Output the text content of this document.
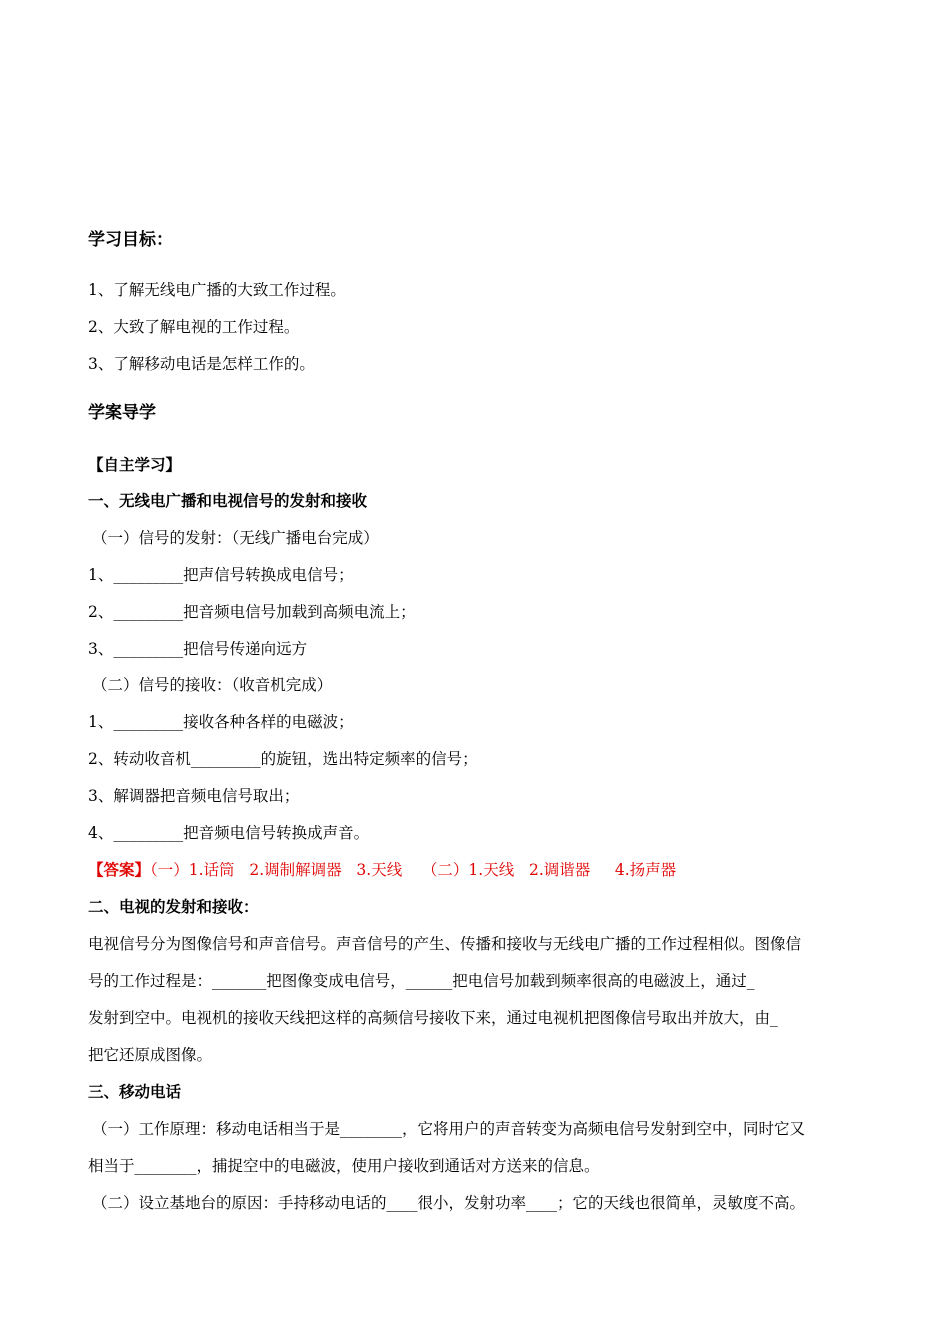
学习目标：
1、了解无线电广播的大致工作过程。
2、大致了解电视的工作过程。
3、了解移动电话是怎样工作的。
学案导学
【自主学习】
一、无线电广播和电视信号的发射和接收
（一）信号的发射：（无线广播电台完成）
1、_________把声信号转换成电信号；
2、_________把音频电信号加载到高频电流上；
3、_________把信号传递向远方
（二）信号的接收：（收音机完成）
1、_________接收各种各样的电磁波；
2、转动收音机_________的旋钮，选出特定频率的信号；
3、解调器把音频电信号取出；
4、_________把音频电信号转换成声音。
【答案】（一）1.话筒   2.调制解调器   3.天线    （二）1.天线   2.调谐器     4.扬声器
二、电视的发射和接收：
电视信号分为图像信号和声音信号。声音信号的产生、传播和接收与无线电广播的工作过程相似。图像信
号的工作过程是：_______把图像变成电信号，______把电信号加载到频率很高的电磁波上，通过_
发射到空中。电视机的接收天线把这样的高频信号接收下来，通过电视机把图像信号取出并放大，由_
把它还原成图像。
三、移动电话
（一）工作原理：移动电话相当于是________，它将用户的声音转变为高频电信号发射到空中，同时它又
相当于________，捕捉空中的电磁波，使用户接收到通话对方送来的信息。
（二）设立基地台的原因：手持移动电话的____很小，发射功率____；它的天线也很简单，灵敏度不高。
